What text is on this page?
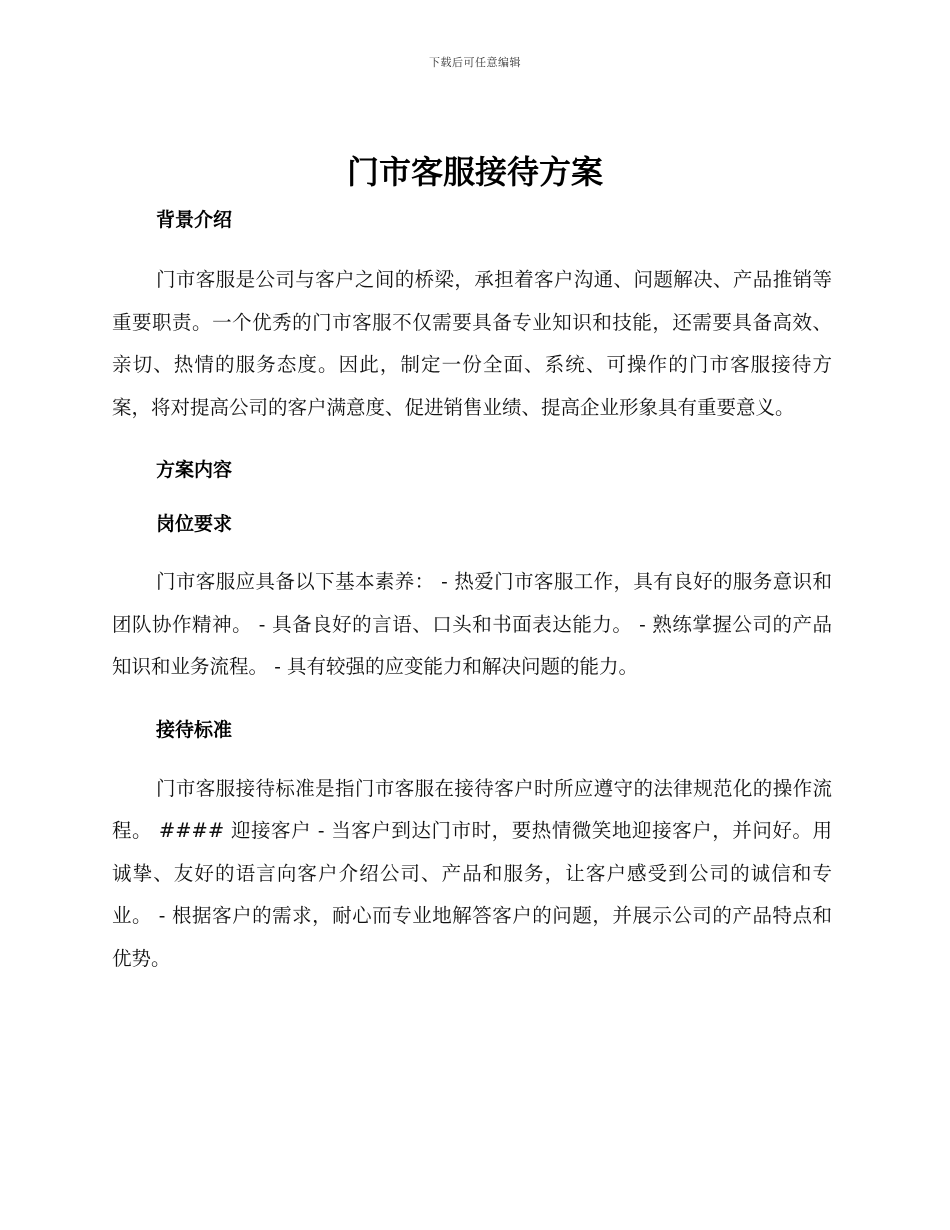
下载后可任意编辑
门市客服接待方案
背景介绍

门市客服是公司与客户之间的桥梁，承担着客户沟通、问题解决、产品推销等重要职责。一个优秀的门市客服不仅需要具备专业知识和技能，还需要具备高效、亲切、热情的服务态度。因此，制定一份全面、系统、可操作的门市客服接待方案，将对提高公司的客户满意度、促进销售业绩、提高企业形象具有重要意义。

方案内容
岗位要求

门市客服应具备以下基本素养： - 热爱门市客服工作，具有良好的服务意识和团队协作精神。 - 具备良好的言语、口头和书面表达能力。 - 熟练掌握公司的产品知识和业务流程。 - 具有较强的应变能力和解决问题的能力。

接待标准

门市客服接待标准是指门市客服在接待客户时所应遵守的法律规范化的操作流程。 #### 迎接客户 - 当客户到达门市时，要热情微笑地迎接客户，并问好。用诚挚、友好的语言向客户介绍公司、产品和服务，让客户感受到公司的诚信和专业。 - 根据客户的需求，耐心而专业地解答客户的问题，并展示公司的产品特点和优势。
